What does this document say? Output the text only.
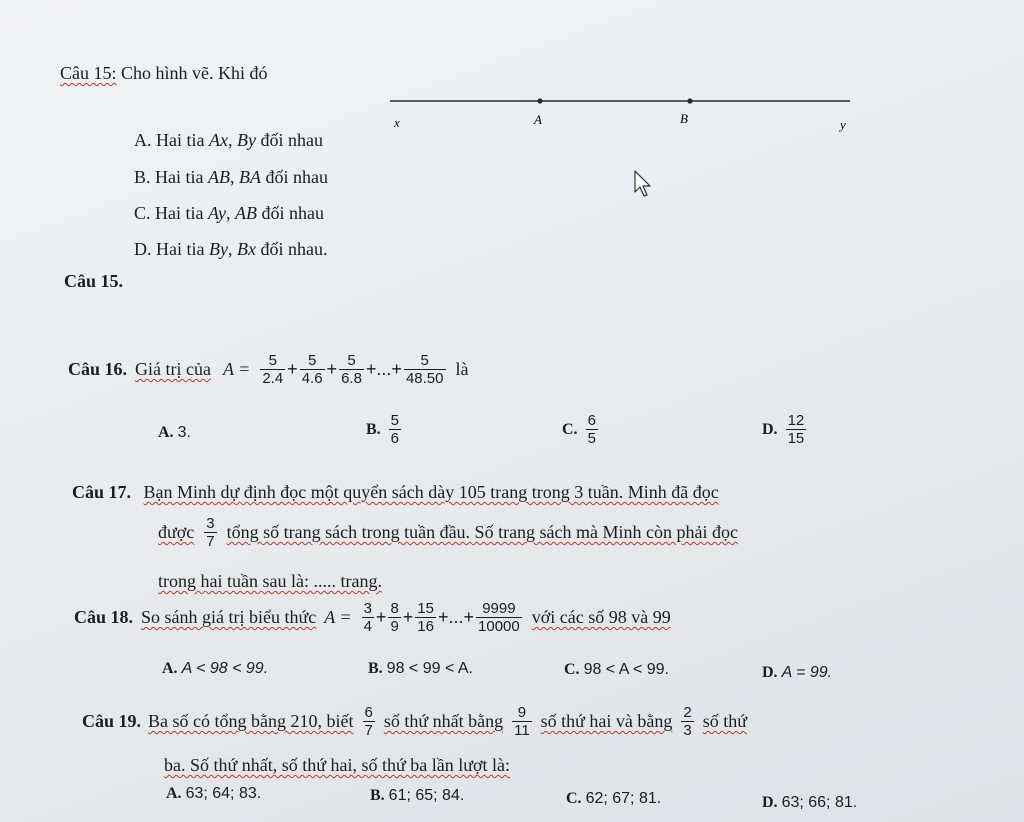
Câu 15: Cho hình vẽ. Khi đó
x	A	B	y
A. Hai tia Ax, By đối nhau
B. Hai tia AB, BA đối nhau
C. Hai tia Ay, AB đối nhau
D. Hai tia By, Bx đối nhau.
Câu 15.
Câu 16. Giá trị của $A = \frac{5}{2.4} + \frac{5}{4.6} + \frac{5}{6.8}$ +...+ $\frac{5}{48.50}$ là
A. 3.	B. $\frac{5}{6}$	C. $\frac{6}{5}$	D. $\frac{12}{15}$
Câu 17. Bạn Minh dự định đọc một quyển sách dày 105 trang trong 3 tuần. Minh đã đọc
được $\frac{3}{7}$ tổng số trang sách trong tuần đầu. Số trang sách mà Minh còn phải đọc
trong hai tuần sau là: ..... trang.
Câu 18. So sánh giá trị biểu thức $A = \frac{3}{4} + \frac{8}{9} + \frac{15}{16}$ +...+ $\frac{9999}{10000}$ với các số 98 và 99
A. A < 98 < 99.	B. 98 < 99 < A.	C. 98 < A < 99.	D. A = 99.
Câu 19. Ba số có tổng bằng 210, biết $\frac{6}{7}$ số thứ nhất bằng $\frac{9}{11}$ số thứ hai và bằng $\frac{2}{3}$ số thứ
ba. Số thứ nhất, số thứ hai, số thứ ba lần lượt là:
A. 63; 64; 83.	B. 61; 65; 84.	C. 62; 67; 81.	D. 63; 66; 81.
